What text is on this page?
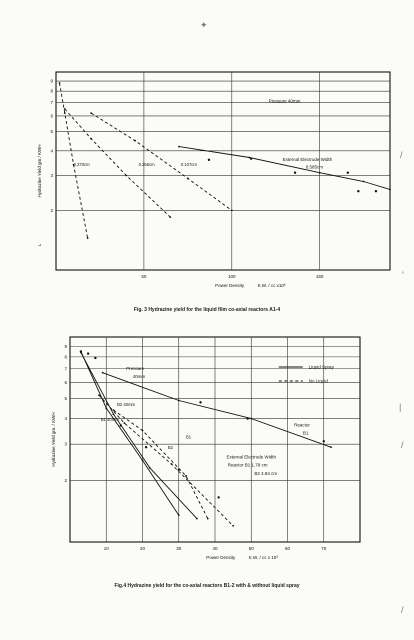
✦
/
'
|
/
/
50	100	150
2
3
4
5
6
7
8
9
Power Density	K.W. / cc x10³
Hydrazine Yield gm / KWH
L
0.270cm	0.256cm	0.107cm
Pressure 40mm
External Electrode Width
0.585cm
Fig. 3 Hydrazine yield for the liquid film co-axial reactors A1-4
10	20	30	40	50	60	70
2
3
4
5
6
7
8
9
Power Density	K.W. / cc x 10³
Hydrazine Yield gm. / KWH
B2 40mm
B1 40mm
B2
B1
Pressure
40mm
Reactor
B1
External Electrode Width
Reactor B1 1.79 cm
B2 4.84 cm
Liquid Spray
No Liquid
Fig.4 Hydrazine yield for the co-axial reactors B1-2 with & without liquid spray
